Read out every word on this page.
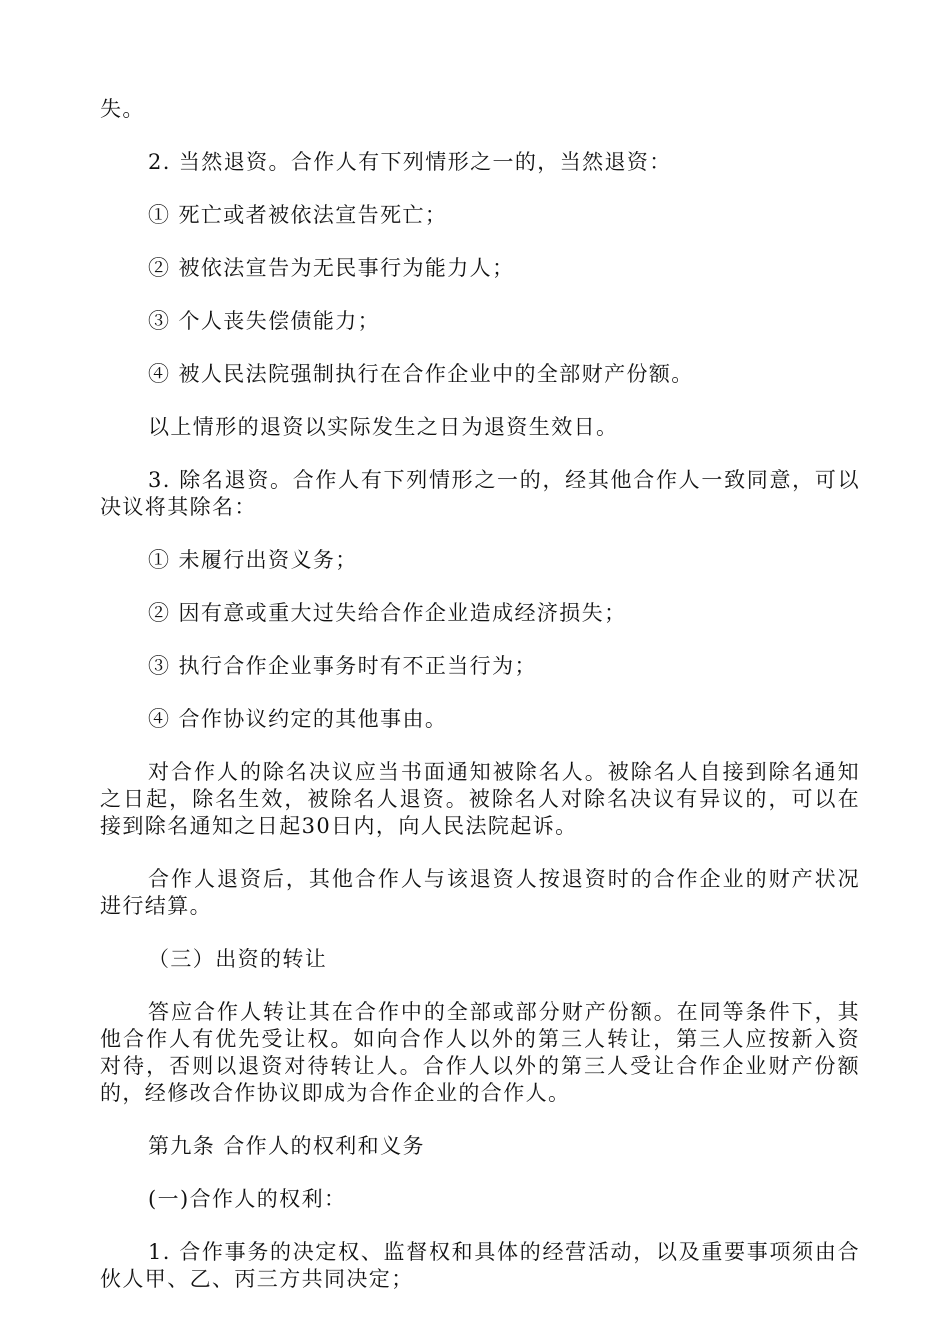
失。

2. 当然退资。合作人有下列情形之一的，当然退资：

① 死亡或者被依法宣告死亡；

② 被依法宣告为无民事行为能力人；

③ 个人丧失偿债能力；

④ 被人民法院强制执行在合作企业中的全部财产份额。

以上情形的退资以实际发生之日为退资生效日。

3. 除名退资。合作人有下列情形之一的，经其他合作人一致同意，可以决议将其除名：

① 未履行出资义务；

② 因有意或重大过失给合作企业造成经济损失；

③ 执行合作企业事务时有不正当行为；

④ 合作协议约定的其他事由。

对合作人的除名决议应当书面通知被除名人。被除名人自接到除名通知之日起，除名生效，被除名人退资。被除名人对除名决议有异议的，可以在接到除名通知之日起30日内，向人民法院起诉。

合作人退资后，其他合作人与该退资人按退资时的合作企业的财产状况进行结算。

（三）出资的转让

答应合作人转让其在合作中的全部或部分财产份额。在同等条件下，其他合作人有优先受让权。如向合作人以外的第三人转让，第三人应按新入资对待，否则以退资对待转让人。合作人以外的第三人受让合作企业财产份额的，经修改合作协议即成为合作企业的合作人。

第九条 合作人的权利和义务

(一)合作人的权利：

1. 合作事务的决定权、监督权和具体的经营活动，以及重要事项须由合伙人甲、乙、丙三方共同决定；
